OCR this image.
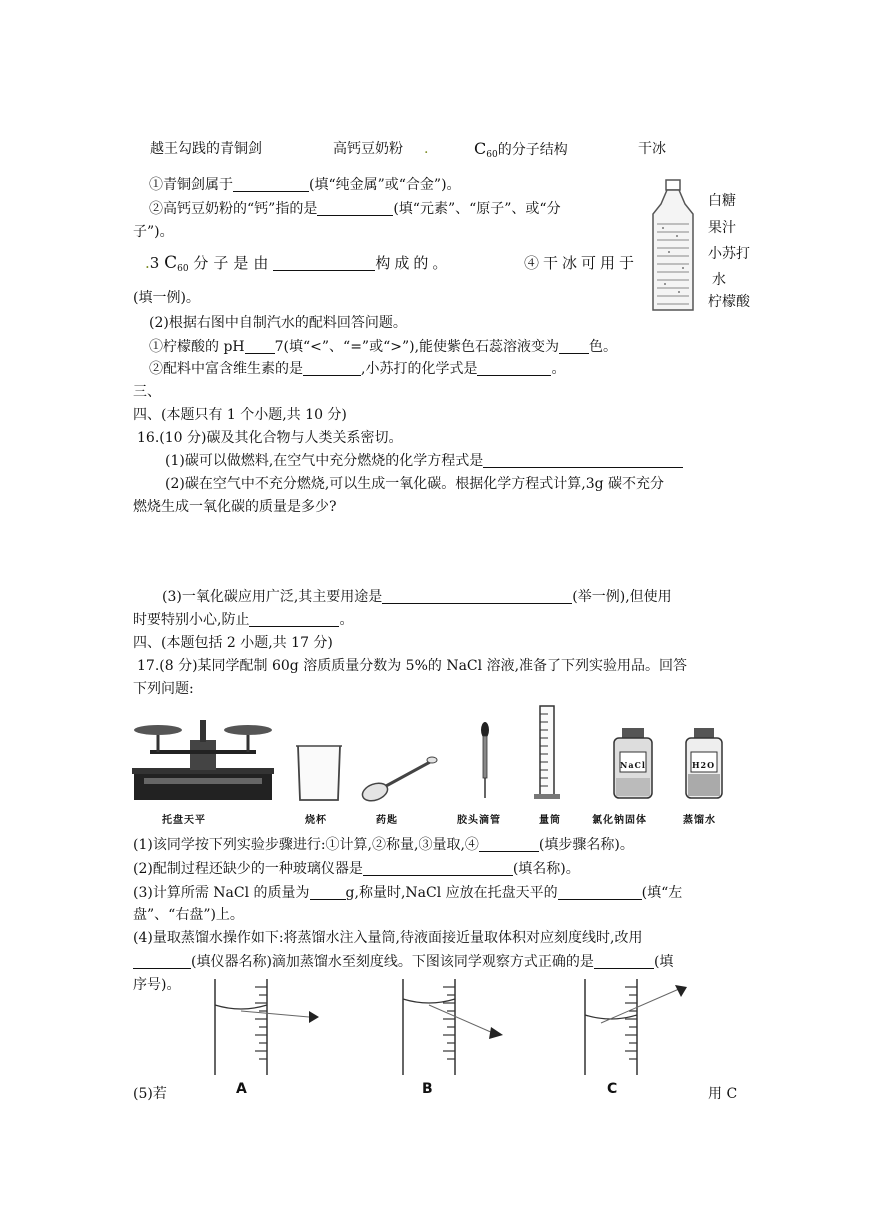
越王勾践的青铜剑	高钙豆奶粉 .	$C_{60}$的分子结构	干冰
①青铜剑属于	(填“纯金属”或“合金”)。
②高钙豆奶粉的“钙”指的是	(填“元素”、“原子”、或“分
子”)。
.3 $C_{60}$ 分子是由	构成的。	④干冰可用于
(填一例)。
(2)根据右图中自制汽水的配料回答问题。
①柠檬酸的 pH 7(填“<”、“=”或“>”),能使紫色石蕊溶液变为 色。
②配料中富含维生素的是	,小苏打的化学式是	。
白糖
果汁
小苏打
水
柠檬酸
三、
四、(本题只有 1 个小题,共 10 分)
16.(10 分)碳及其化合物与人类关系密切。
(1)碳可以做燃料,在空气中充分燃烧的化学方程式是
(2)碳在空气中不充分燃烧,可以生成一氧化碳。根据化学方程式计算,3g 碳不充分
燃烧生成一氧化碳的质量是多少?
(3)一氧化碳应用广泛,其主要用途是	(举一例),但使用
时要特别小心,防止	。
四、(本题包括 2 小题,共 17 分)
17.(8 分)某同学配制 60g 溶质质量分数为 5%的 NaCl 溶液,准备了下列实验用品。回答
下列问题:

NaCl	H2O
托盘天平	烧杯	药匙	胶头滴管	量筒	氯化钠固体	蒸馏水
(1)该同学按下列实验步骤进行:①计算,②称量,③量取,④	(填步骤名称)。
(2)配制过程还缺少的一种玻璃仪器是	(填名称)。
(3)计算所需 NaCl 的质量为	g,称量时,NaCl 应放在托盘天平的	(填“左
盘”、“右盘”)上。
(4)量取蒸馏水操作如下:将蒸馏水注入量筒,待液面接近量取体积对应刻度线时,改用
(填仪器名称)滴加蒸馏水至刻度线。下图该同学观察方式正确的是	(填
序号)。
A	B	C
(5)若	用 C
